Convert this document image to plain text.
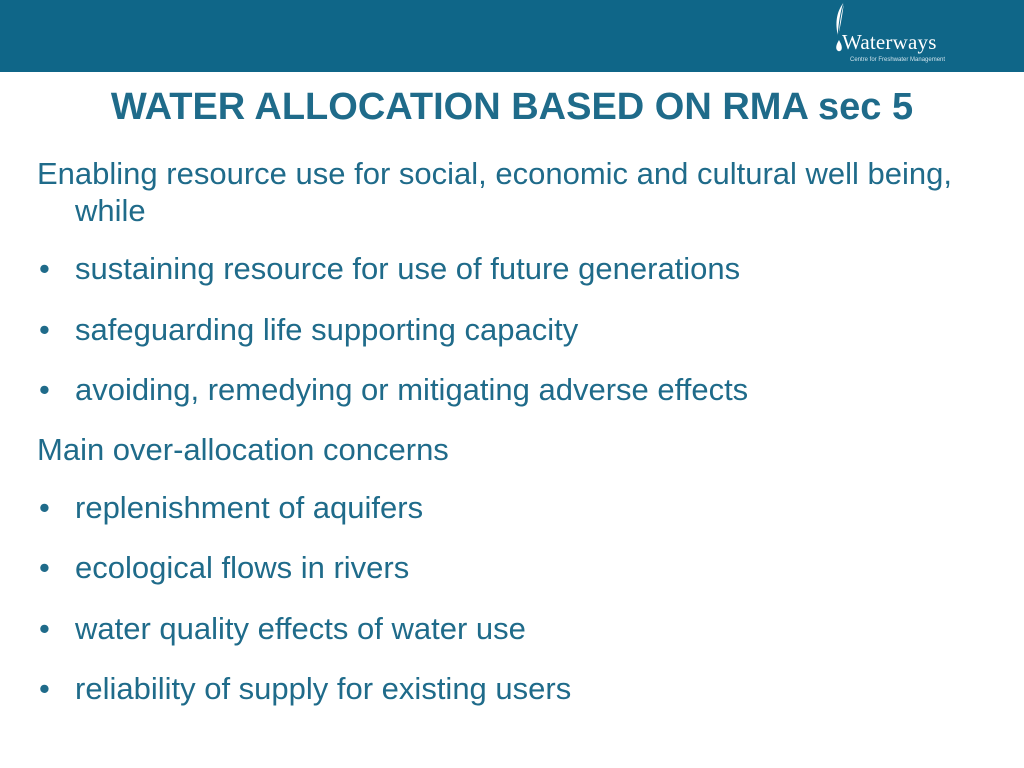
Waterways
Centre for Freshwater Management
WATER ALLOCATION BASED ON RMA sec 5
Enabling resource use for social, economic and cultural well being, while
• sustaining resource for use of future generations
• safeguarding life supporting capacity
• avoiding, remedying or mitigating adverse effects
Main over-allocation concerns
• replenishment of aquifers
• ecological flows in rivers
• water quality effects of water use
• reliability of supply for existing users
